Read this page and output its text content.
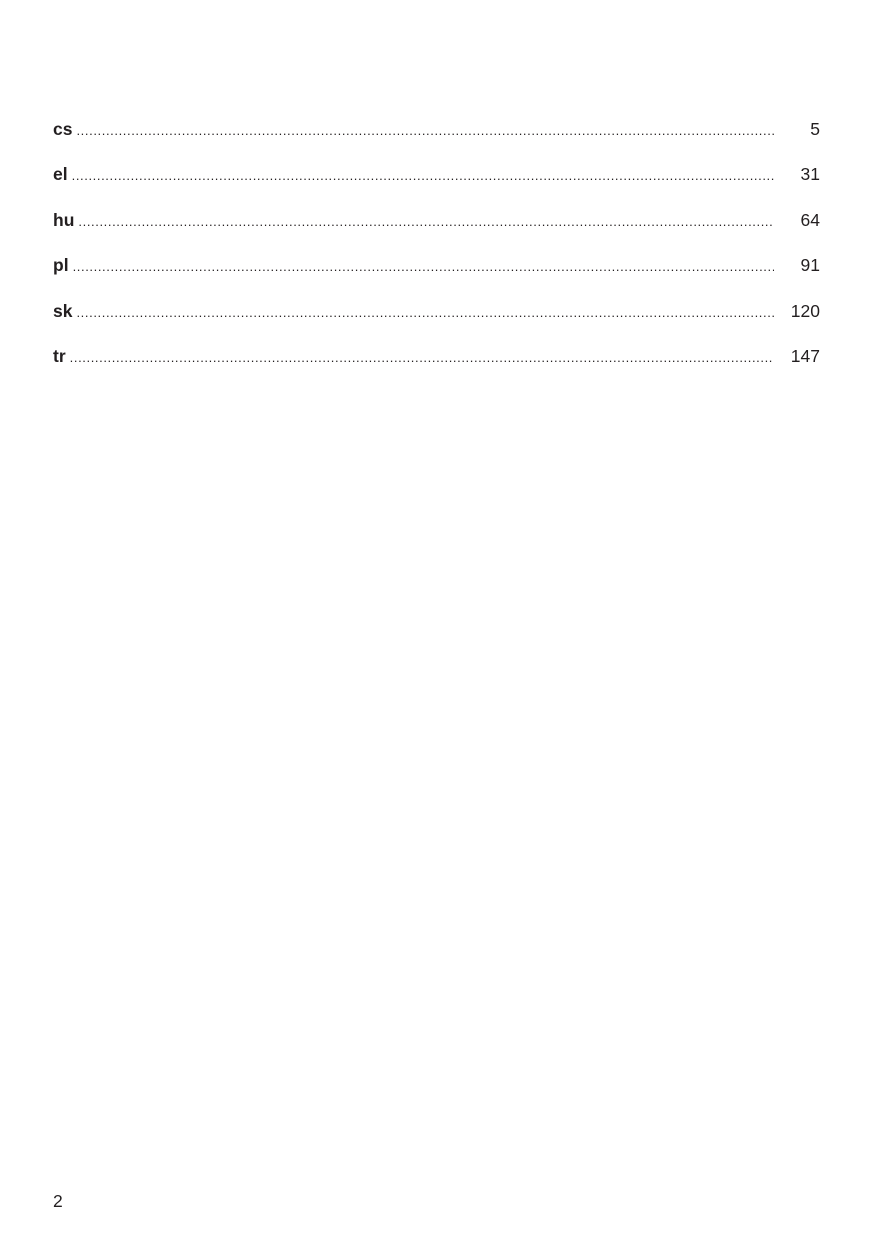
cs .....	5
el .....	31
hu .....	64
pl .....	91
sk .....	120
tr .....	147
2
